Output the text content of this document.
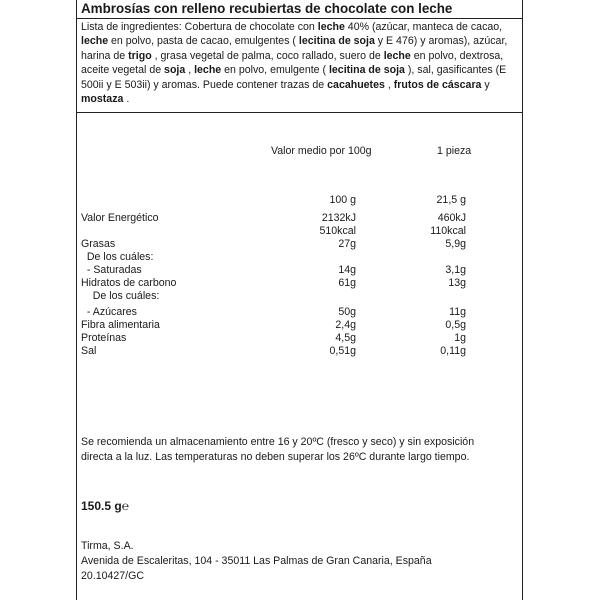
Ambrosías con relleno recubiertas de chocolate con leche
Lista de ingredientes: Cobertura de chocolate con leche 40% (azúcar, manteca de cacao, leche en polvo, pasta de cacao, emulgentes ( lecitina de soja y E 476) y aromas), azúcar, harina de trigo , grasa vegetal de palma, coco rallado, suero de leche en polvo, dextrosa, aceite vegetal de soja , leche en polvo, emulgente ( lecitina de soja ), sal, gasificantes (E 500ii y E 503ii) y aromas. Puede contener trazas de cacahuetes , frutos de cáscara y mostaza .
Valor medio por 100g	1 pieza
100 g	21,5 g
Valor Energético	2132kJ	460kJ
510kcal	110kcal
Grasas	27g	5,9g
De los cuáles:
- Saturadas	14g	3,1g
Hidratos de carbono	61g	13g
De los cuáles:
- Azúcares	50g	11g
Fibra alimentaria	2,4g	0,5g
Proteínas	4,5g	1g
Sal	0,51g	0,11g
Se recomienda un almacenamiento entre 16 y 20ºC (fresco y seco) y sin exposición directa a la luz. Las temperaturas no deben superar los 26ºC durante largo tiempo.
150.5 g℮
Tirma, S.A.
Avenida de Escaleritas, 104 - 35011 Las Palmas de Gran Canaria, España
20.10427/GC
